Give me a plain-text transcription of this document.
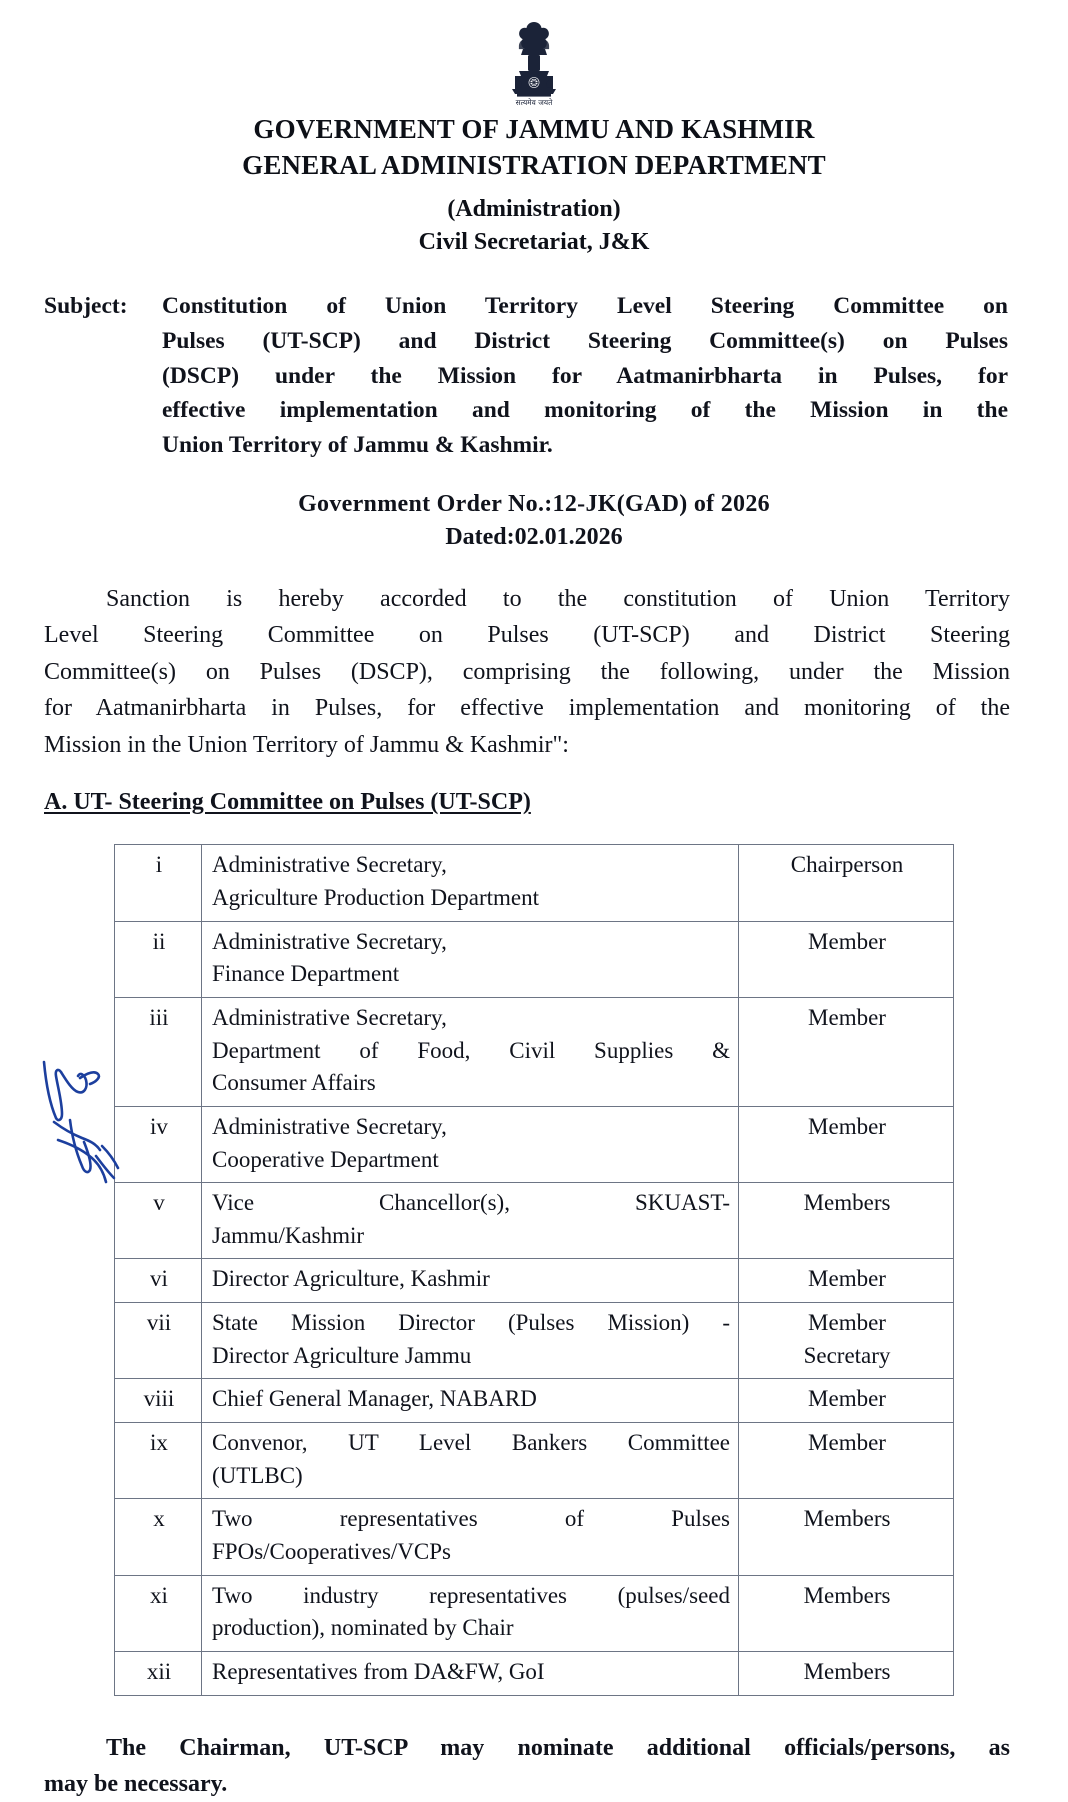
सत्यमेव जयते
GOVERNMENT OF JAMMU AND KASHMIR
GENERAL ADMINISTRATION DEPARTMENT
(Administration)
Civil Secretariat, J&K
Subject:	Constitution of Union Territory Level Steering Committee on
Pulses (UT-SCP) and District Steering Committee(s) on Pulses
(DSCP) under the Mission for Aatmanirbharta in Pulses, for
effective implementation and monitoring of the Mission in the
Union Territory of Jammu & Kashmir.
Government Order No.:12-JK(GAD) of 2026
Dated:02.01.2026
Sanction is hereby accorded to the constitution of Union Territory
Level Steering Committee on Pulses (UT-SCP) and District Steering
Committee(s) on Pulses (DSCP), comprising the following, under the Mission
for Aatmanirbharta in Pulses, for effective implementation and monitoring of the
Mission in the Union Territory of Jammu & Kashmir":
A. UT- Steering Committee on Pulses (UT-SCP)
i	Administrative Secretary,
Agriculture Production Department	Chairperson

ii	Administrative Secretary,
Finance Department	Member

iii	Administrative Secretary,
Department of Food, Civil Supplies &
Consumer Affairs	Member

iv	Administrative Secretary,
Cooperative Department	Member

v	Vice Chancellor(s), SKUAST-
Jammu/Kashmir	Members

vi	Director Agriculture, Kashmir	Member

vii	State Mission Director (Pulses Mission) -
Director Agriculture Jammu	Member
Secretary

viii	Chief General Manager, NABARD	Member

ix	Convenor, UT Level Bankers Committee
(UTLBC)	Member

x	Two representatives of Pulses
FPOs/Cooperatives/VCPs	Members

xi	Two industry representatives (pulses/seed
production), nominated by Chair	Members

xii	Representatives from DA&FW, GoI	Members
The Chairman, UT-SCP may nominate additional officials/persons, as
may be necessary.
